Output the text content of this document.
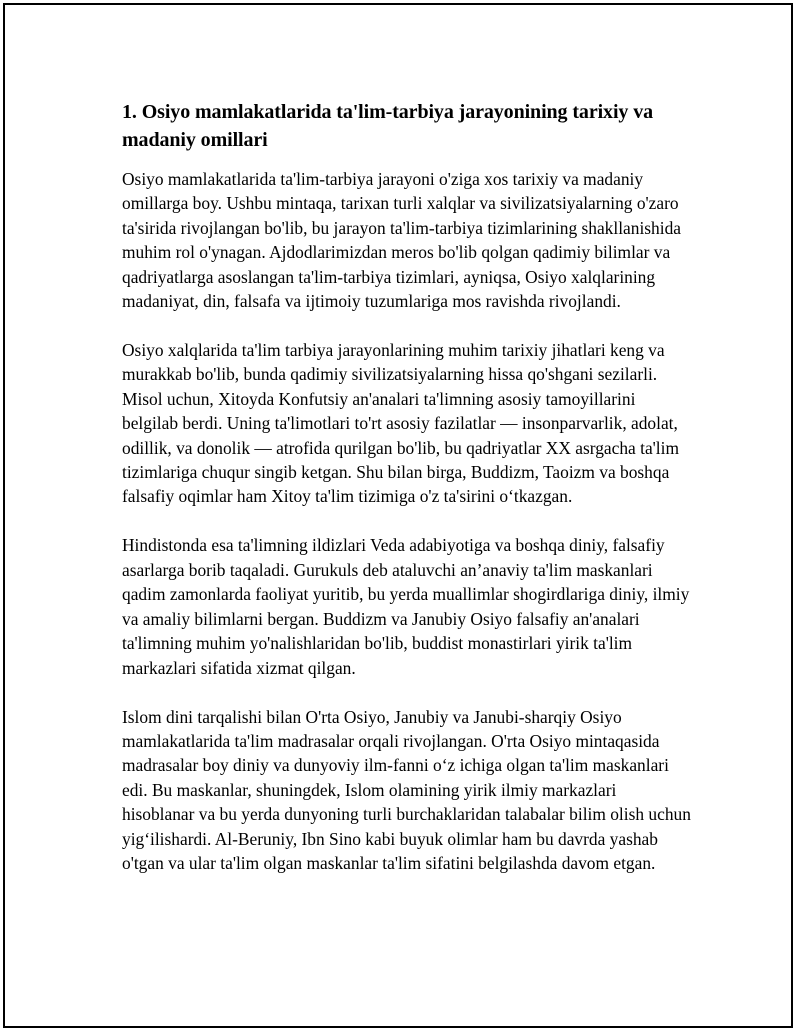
1. Osiyo mamlakatlarida ta'lim-tarbiya jarayonining tarixiy va madaniy omillari

Osiyo mamlakatlarida ta'lim-tarbiya jarayoni o'ziga xos tarixiy va madaniy omillarga boy. Ushbu mintaqa, tarixan turli xalqlar va sivilizatsiyalarning o'zaro ta'sirida rivojlangan bo'lib, bu jarayon ta'lim-tarbiya tizimlarining shakllanishida muhim rol o'ynagan. Ajdodlarimizdan meros bo'lib qolgan qadimiy bilimlar va qadriyatlarga asoslangan ta'lim-tarbiya tizimlari, ayniqsa, Osiyo xalqlarining madaniyat, din, falsafa va ijtimoiy tuzumlariga mos ravishda rivojlandi.

Osiyo xalqlarida ta'lim tarbiya jarayonlarining muhim tarixiy jihatlari keng va murakkab bo'lib, bunda qadimiy sivilizatsiyalarning hissa qo'shgani sezilarli. Misol uchun, Xitoyda Konfutsiy an'analari ta'limning asosiy tamoyillarini belgilab berdi. Uning ta'limotlari to'rt asosiy fazilatlar — insonparvarlik, adolat, odillik, va donolik — atrofida qurilgan bo'lib, bu qadriyatlar XX asrgacha ta'lim tizimlariga chuqur singib ketgan. Shu bilan birga, Buddizm, Taoizm va boshqa falsafiy oqimlar ham Xitoy ta'lim tizimiga o'z ta'sirini oʻtkazgan.

Hindistonda esa ta'limning ildizlari Veda adabiyotiga va boshqa diniy, falsafiy asarlarga borib taqaladi. Gurukuls deb ataluvchi an’anaviy ta'lim maskanlari qadim zamonlarda faoliyat yuritib, bu yerda muallimlar shogirdlariga diniy, ilmiy va amaliy bilimlarni bergan. Buddizm va Janubiy Osiyo falsafiy an'analari ta'limning muhim yo'nalishlaridan bo'lib, buddist monastirlari yirik ta'lim markazlari sifatida xizmat qilgan.

Islom dini tarqalishi bilan O'rta Osiyo, Janubiy va Janubi-sharqiy Osiyo mamlakatlarida ta'lim madrasalar orqali rivojlangan. O'rta Osiyo mintaqasida madrasalar boy diniy va dunyoviy ilm-fanni oʻz ichiga olgan ta'lim maskanlari edi. Bu maskanlar, shuningdek, Islom olamining yirik ilmiy markazlari hisoblanar va bu yerda dunyoning turli burchaklaridan talabalar bilim olish uchun yigʻilishardi. Al-Beruniy, Ibn Sino kabi buyuk olimlar ham bu davrda yashab o'tgan va ular ta'lim olgan maskanlar ta'lim sifatini belgilashda davom etgan.
